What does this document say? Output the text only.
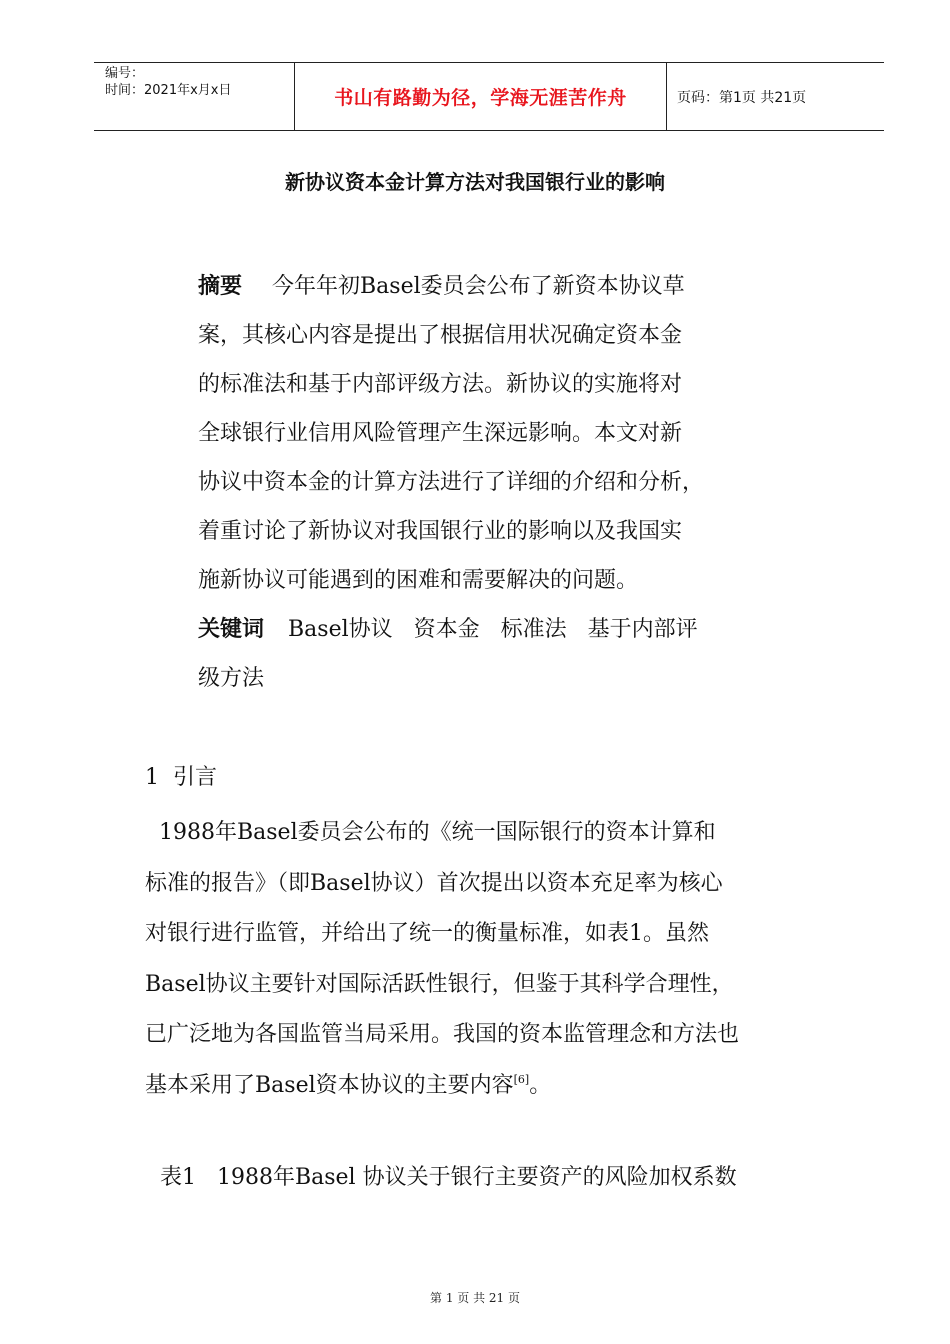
编号：
时间：2021年x月x日	书山有路勤为径，学海无涯苦作舟	页码：第1页 共21页
新协议资本金计算方法对我国银行业的影响
摘要 今年年初Basel委员会公布了新资本协议草
案，其核心内容是提出了根据信用状况确定资本金
的标准法和基于内部评级方法。新协议的实施将对
全球银行业信用风险管理产生深远影响。本文对新
协议中资本金的计算方法进行了详细的介绍和分析，
着重讨论了新协议对我国银行业的影响以及我国实
施新协议可能遇到的困难和需要解决的问题。
关键词 Basel协议   资本金   标准法   基于内部评
级方法
1  引言
1988年Basel委员会公布的《统一国际银行的资本计算和
标准的报告》（即Basel协议）首次提出以资本充足率为核心
对银行进行监管，并给出了统一的衡量标准，如表1。虽然
Basel协议主要针对国际活跃性银行，但鉴于其科学合理性，
已广泛地为各国监管当局采用。我国的资本监管理念和方法也
基本采用了Basel资本协议的主要内容[6]。
表1   1988年Basel 协议关于银行主要资产的风险加权系数
第 1 页 共 21 页
